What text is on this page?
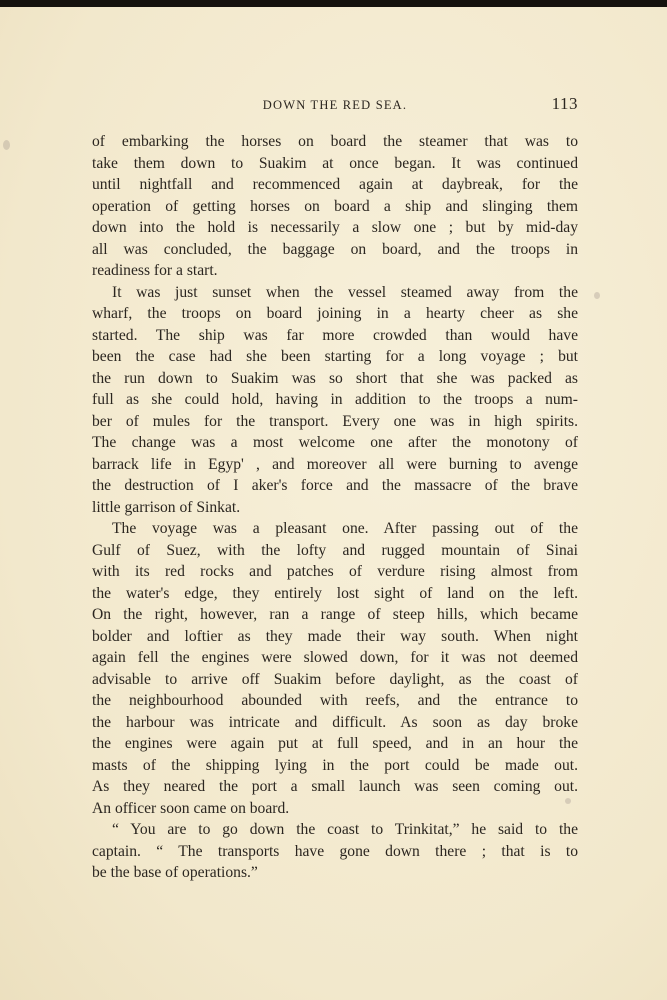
DOWN THE RED SEA.	113
of embarking the horses on board the steamer that was to
take them down to Suakim at once began. It was continued
until nightfall and recommenced again at daybreak, for the
operation of getting horses on board a ship and slinging them
down into the hold is necessarily a slow one ; but by mid-day
all was concluded, the baggage on board, and the troops in
readiness for a start.
It was just sunset when the vessel steamed away from the
wharf, the troops on board joining in a hearty cheer as she
started. The ship was far more crowded than would have
been the case had she been starting for a long voyage ; but
the run down to Suakim was so short that she was packed as
full as she could hold, having in addition to the troops a num-
ber of mules for the transport. Every one was in high spirits.
The change was a most welcome one after the monotony of
barrack life in Egyp' , and moreover all were burning to avenge
the destruction of I aker's force and the massacre of the brave
little garrison of Sinkat.
The voyage was a pleasant one. After passing out of the
Gulf of Suez, with the lofty and rugged mountain of Sinai
with its red rocks and patches of verdure rising almost from
the water's edge, they entirely lost sight of land on the left.
On the right, however, ran a range of steep hills, which became
bolder and loftier as they made their way south. When night
again fell the engines were slowed down, for it was not deemed
advisable to arrive off Suakim before daylight, as the coast of
the neighbourhood abounded with reefs, and the entrance to
the harbour was intricate and difficult. As soon as day broke
the engines were again put at full speed, and in an hour the
masts of the shipping lying in the port could be made out.
As they neared the port a small launch was seen coming out.
An officer soon came on board.
“ You are to go down the coast to Trinkitat,” he said to the
captain. “ The transports have gone down there ; that is to
be the base of operations.”
